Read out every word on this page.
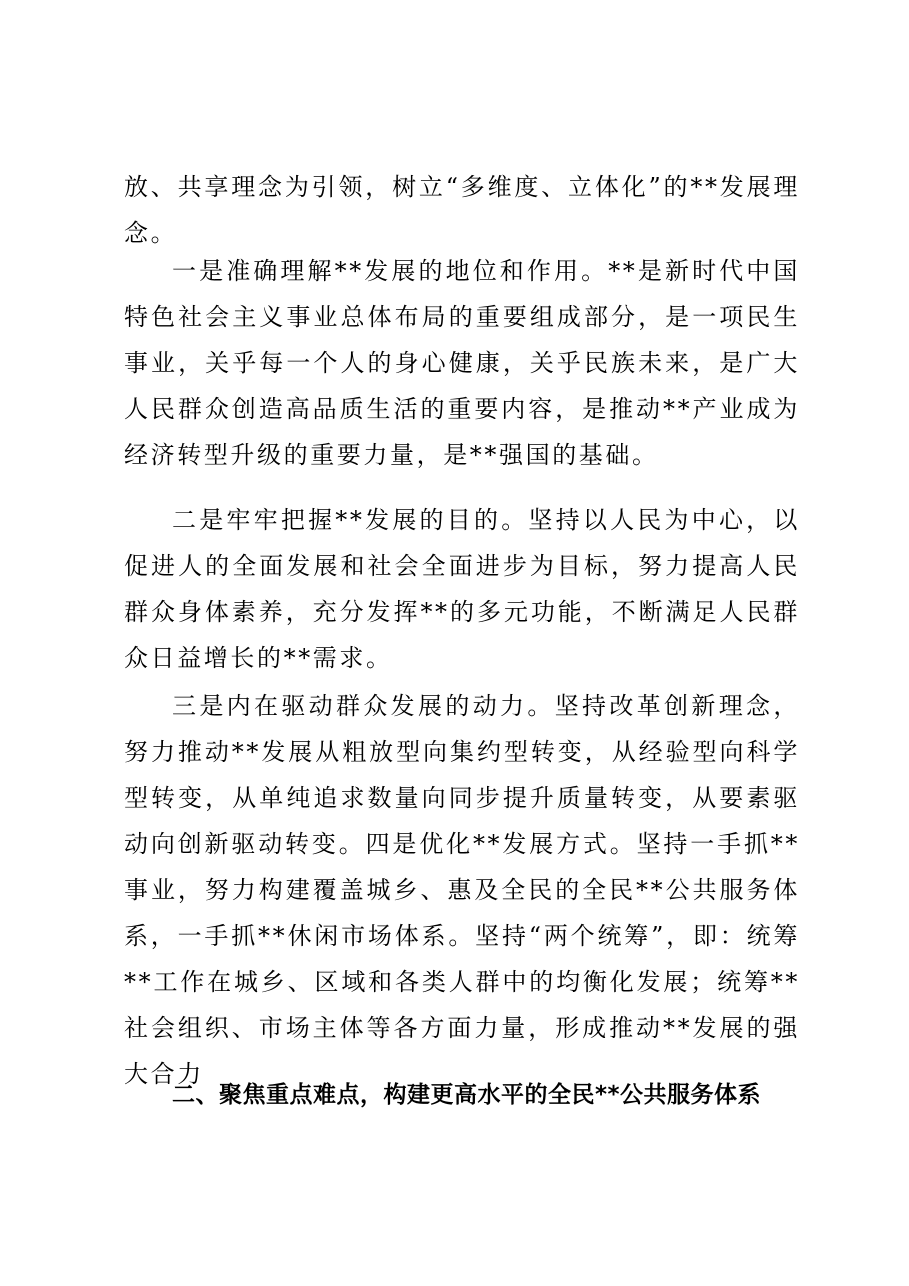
放、共享理念为引领，树立“多维度、立体化”的**发展理念。

一是准确理解**发展的地位和作用。**是新时代中国特色社会主义事业总体布局的重要组成部分，是一项民生事业，关乎每一个人的身心健康，关乎民族未来，是广大人民群众创造高品质生活的重要内容，是推动**产业成为经济转型升级的重要力量，是**强国的基础。

二是牢牢把握**发展的目的。坚持以人民为中心，以促进人的全面发展和社会全面进步为目标，努力提高人民群众身体素养，充分发挥**的多元功能，不断满足人民群众日益增长的**需求。

三是内在驱动群众发展的动力。坚持改革创新理念，努力推动**发展从粗放型向集约型转变，从经验型向科学型转变，从单纯追求数量向同步提升质量转变，从要素驱动向创新驱动转变。四是优化**发展方式。坚持一手抓**事业，努力构建覆盖城乡、惠及全民的全民**公共服务体系，一手抓**休闲市场体系。坚持“两个统筹”，即：统筹**工作在城乡、区域和各类人群中的均衡化发展；统筹**社会组织、市场主体等各方面力量，形成推动**发展的强大合力

二、聚焦重点难点，构建更高水平的全民**公共服务体系
